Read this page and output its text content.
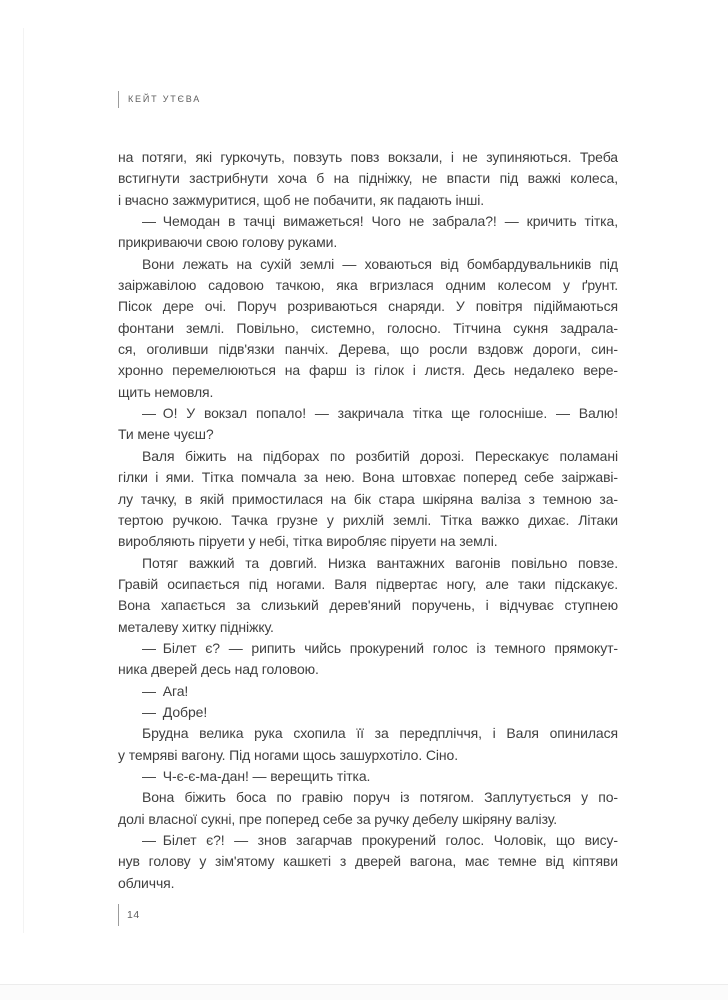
КЕЙТ УТЄВА
на потяги, які гуркочуть, повзуть повз вокзали, і не зупиняються. Треба
встигнути застрибнути хоча б на підніжку, не впасти під важкі колеса,
і вчасно зажмуритися, щоб не побачити, як падають інші.
— Чемодан в тачці вимажеться! Чого не забрала?! — кричить тітка,
прикриваючи свою голову руками.
Вони лежать на сухій землі — ховаються від бомбардувальників під
заіржавілою садовою тачкою, яка вгризлася одним колесом у ґрунт.
Пісок дере очі. Поруч розриваються снаряди. У повітря підіймаються
фонтани землі. Повільно, системно, голосно. Тітчина сукня задрала-
ся, оголивши підв'язки панчіх. Дерева, що росли вздовж дороги, син-
хронно перемелюються на фарш із гілок і листя. Десь недалеко вере-
щить немовля.
— О! У вокзал попало! — закричала тітка ще голосніше. — Валю!
Ти мене чуєш?
Валя біжить на підборах по розбитій дорозі. Перескакує поламані
гілки і ями. Тітка помчала за нею. Вона штовхає поперед себе заіржаві-
лу тачку, в якій примостилася на бік стара шкіряна валіза з темною за-
тертою ручкою. Тачка грузне у рихлій землі. Тітка важко дихає. Літаки
виробляють піруети у небі, тітка виробляє піруети на землі.
Потяг важкий та довгий. Низка вантажних вагонів повільно повзе.
Гравій осипається під ногами. Валя підвертає ногу, але таки підскакує.
Вона хапається за слизький дерев'яний поручень, і відчуває ступнею
металеву хитку підніжку.
— Білет є? — рипить чийсь прокурений голос із темного прямокут-
ника дверей десь над головою.
— Ага!
— Добре!
Брудна велика рука схопила її за передпліччя, і Валя опинилася
у темряві вагону. Під ногами щось зашурхотіло. Сіно.
— Ч-є-є-ма-дан! — верещить тітка.
Вона біжить боса по гравію поруч із потягом. Заплутується у по-
долі власної сукні, пре поперед себе за ручку дебелу шкіряну валізу.
— Білет є?! — знов загарчав прокурений голос. Чоловік, що вису-
нув голову у зім'ятому кашкеті з дверей вагона, має темне від кіптяви
обличчя.
14
